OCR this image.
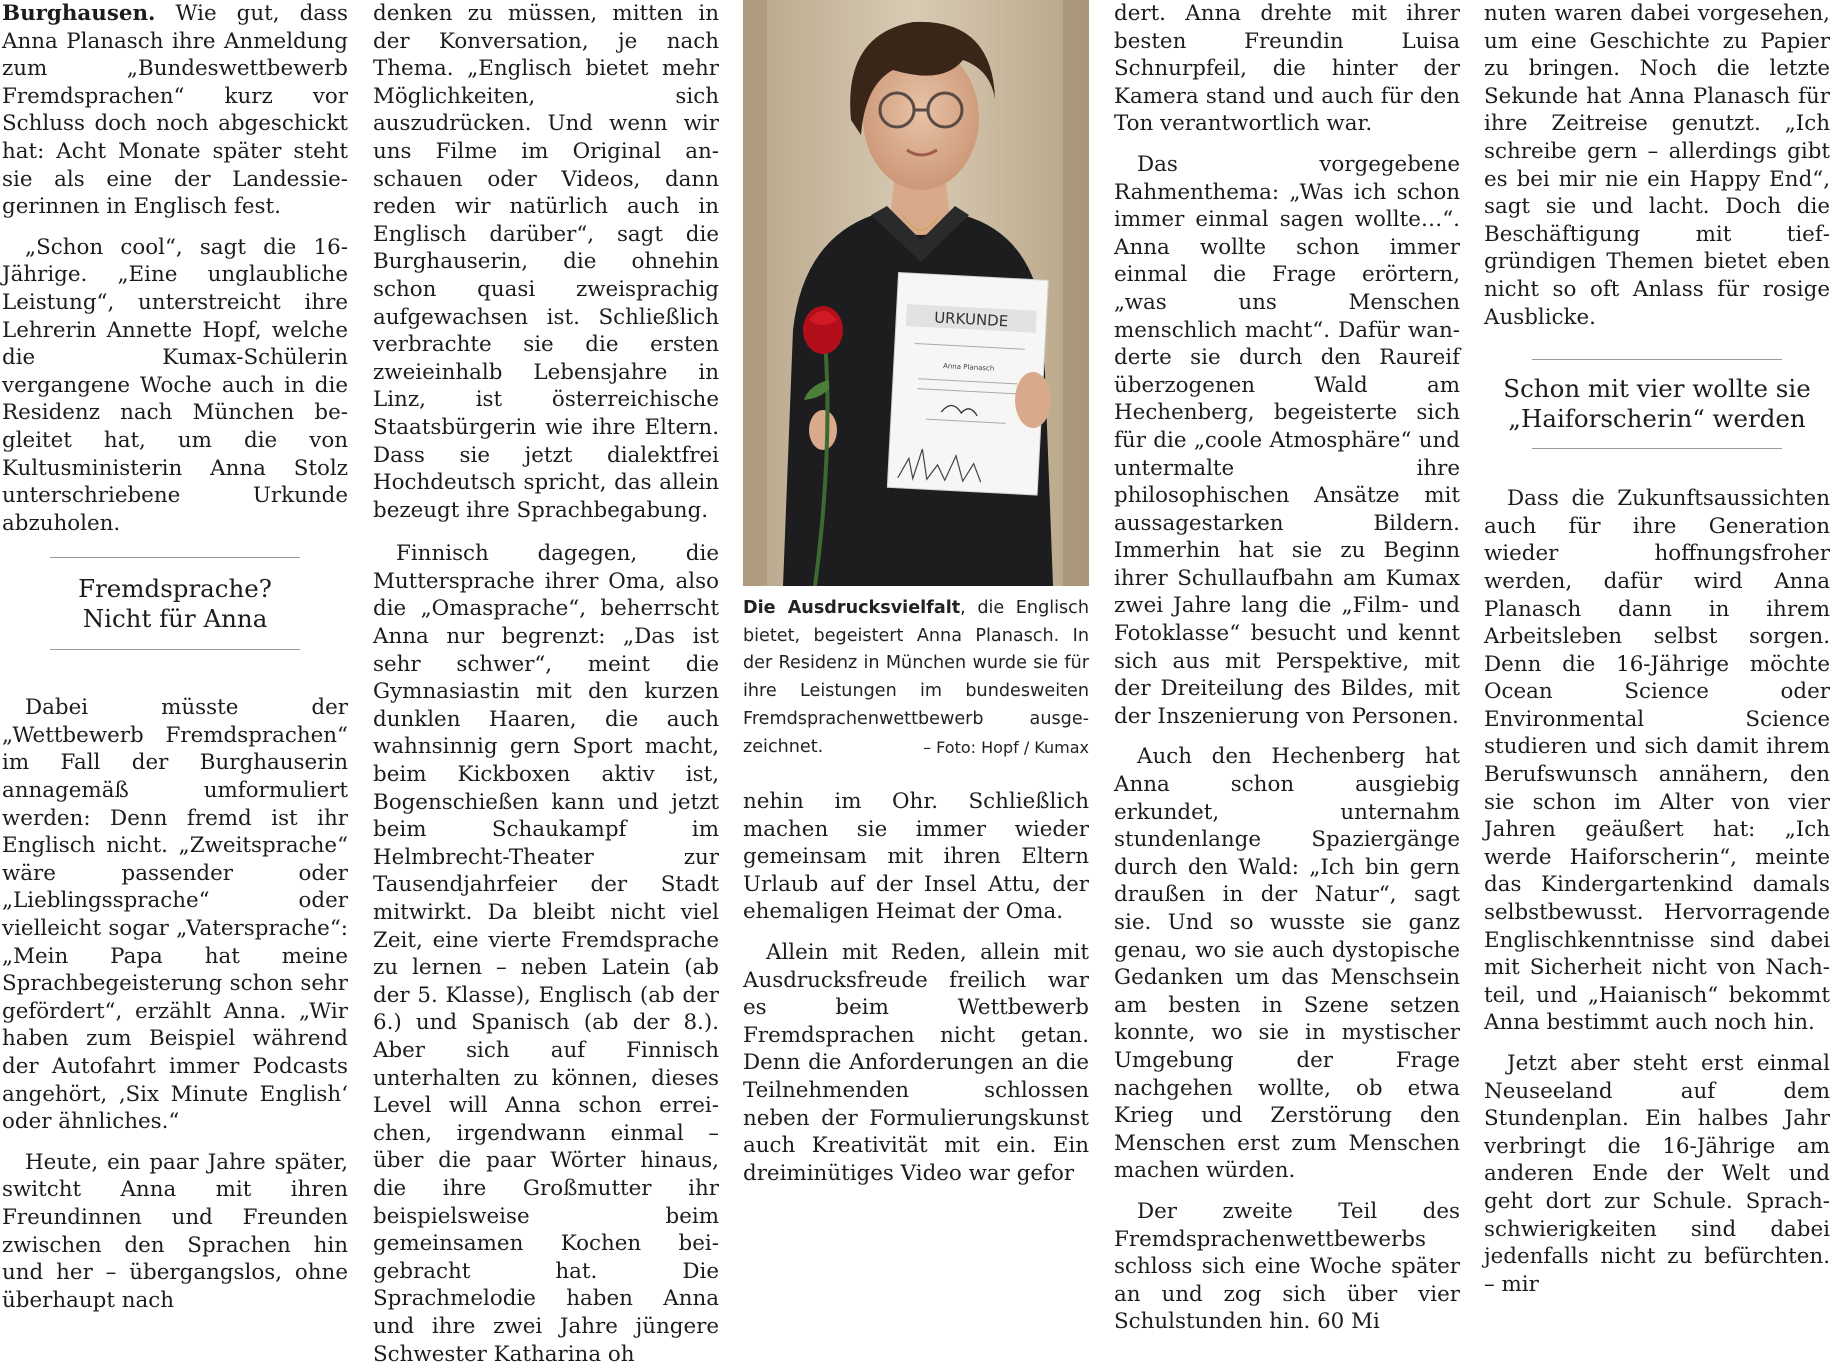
Burghausen. Wie gut, dass Anna Planasch ihre Anmeldung zum „Bundeswettbewerb Fremdsprachen“ kurz vor Schluss doch noch abgeschickt hat: Acht Monate später steht sie als eine der Landessiegerinnen in Englisch fest.

„Schon cool“, sagt die 16-Jährige. „Eine unglaubliche Leistung“, unterstreicht ihre Lehrerin Annette Hopf, welche die Kumax-Schülerin vergangene Woche auch in die Residenz nach München begleitet hat, um die von Kultusministerin Anna Stolz unterschriebene Urkunde abzuholen.

Fremdsprache? Nicht für Anna

Dabei müsste der „Wettbewerb Fremdsprachen“ im Fall der Burghauserin annagemäß umformuliert werden: Denn fremd ist ihr Englisch nicht. „Zweitsprache“ wäre passender oder „Lieblingssprache“ oder vielleicht sogar „Vatersprache“: „Mein Papa hat meine Sprachbegeisterung schon sehr gefördert“, erzählt Anna. „Wir haben zum Beispiel während der Autofahrt immer Podcasts angehört, ‚Six Minute English‘ oder ähnliches.“

Heute, ein paar Jahre später, switcht Anna mit ihren Freundinnen und Freunden zwischen den Sprachen hin und her – übergangslos, ohne überhaupt nach

denken zu müssen, mitten in der Konversation, je nach Thema. „Englisch bietet mehr Möglichkeiten, sich auszudrücken. Und wenn wir uns Filme im Original anschauen oder Videos, dann reden wir natürlich auch in Englisch darüber“, sagt die Burghauserin, die ohnehin schon quasi zweisprachig aufgewachsen ist. Schließlich verbrachte sie die ersten zweieinhalb Lebensjahre in Linz, ist österreichische Staatsbürgerin wie ihre Eltern. Dass sie jetzt dialektfrei Hochdeutsch spricht, das allein bezeugt ihre Sprachbegabung.

Finnisch dagegen, die Muttersprache ihrer Oma, also die „Omasprache“, beherrscht Anna nur begrenzt: „Das ist sehr schwer“, meint die Gymnasiastin mit den kurzen dunklen Haaren, die auch wahnsinnig gern Sport macht, beim Kickboxen aktiv ist, Bogenschießen kann und jetzt beim Schaukampf im Helmbrecht-Theater zur Tausendjahrfeier der Stadt mitwirkt. Da bleibt nicht viel Zeit, eine vierte Fremdsprache zu lernen – neben Latein (ab der 5. Klasse), Englisch (ab der 6.) und Spanisch (ab der 8.). Aber sich auf Finnisch unterhalten zu können, dieses Level will Anna schon erreichen, irgendwann einmal – über die paar Wörter hinaus, die ihre Großmutter ihr beispielsweise beim gemeinsamen Kochen beigebracht hat. Die Sprachmelodie haben Anna und ihre zwei Jahre jüngere Schwester Katharina oh

URKUNDE
Anna Planasch
Die Ausdrucksvielfalt, die Englisch bietet, begeistert Anna Planasch. In der Residenz in München wurde sie für ihre Leistungen im bundesweiten Fremdsprachenwettbewerb ausgezeichnet.	– Foto: Hopf / Kumax

nehin im Ohr. Schließlich machen sie immer wieder gemeinsam mit ihren Eltern Urlaub auf der Insel Attu, der ehemaligen Heimat der Oma.

Allein mit Reden, allein mit Ausdrucksfreude freilich war es beim Wettbewerb Fremdsprachen nicht getan. Denn die Anforderungen an die Teilnehmenden schlossen neben der Formulierungskunst auch Kreativität mit ein. Ein dreiminütiges Video war gefor

dert. Anna drehte mit ihrer besten Freundin Luisa Schnurpfeil, die hinter der Kamera stand und auch für den Ton verantwortlich war.

Das vorgegebene Rahmenthema: „Was ich schon immer einmal sagen wollte…“. Anna wollte schon immer einmal die Frage erörtern, „was uns Menschen menschlich macht“. Dafür wanderte sie durch den Raureif überzogenen Wald am Hechenberg, begeisterte sich für die „coole Atmosphäre“ und untermalte ihre philosophischen Ansätze mit aussagestarken Bildern. Immerhin hat sie zu Beginn ihrer Schullaufbahn am Kumax zwei Jahre lang die „Film- und Fotoklasse“ besucht und kennt sich aus mit Perspektive, mit der Dreiteilung des Bildes, mit der Inszenierung von Personen.

Auch den Hechenberg hat Anna schon ausgiebig erkundet, unternahm stundenlange Spaziergänge durch den Wald: „Ich bin gern draußen in der Natur“, sagt sie. Und so wusste sie ganz genau, wo sie auch dystopische Gedanken um das Menschsein am besten in Szene setzen konnte, wo sie in mystischer Umgebung der Frage nachgehen wollte, ob etwa Krieg und Zerstörung den Menschen erst zum Menschen machen würden.

Der zweite Teil des Fremdsprachenwettbewerbs schloss sich eine Woche später an und zog sich über vier Schulstunden hin. 60 Mi

nuten waren dabei vorgesehen, um eine Geschichte zu Papier zu bringen. Noch die letzte Sekunde hat Anna Planasch für ihre Zeitreise genutzt. „Ich schreibe gern – allerdings gibt es bei mir nie ein Happy End“, sagt sie und lacht. Doch die Beschäftigung mit tiefgründigen Themen bietet eben nicht so oft Anlass für rosige Ausblicke.

Schon mit vier wollte sie „Haiforscherin“ werden

Dass die Zukunftsaussichten auch für ihre Generation wieder hoffnungsfroher werden, dafür wird Anna Planasch dann in ihrem Arbeitsleben selbst sorgen. Denn die 16-Jährige möchte Ocean Science oder Environmental Science studieren und sich damit ihrem Berufswunsch annähern, den sie schon im Alter von vier Jahren geäußert hat: „Ich werde Haiforscherin“, meinte das Kindergartenkind damals selbstbewusst. Hervorragende Englischkenntnisse sind dabei mit Sicherheit nicht von Nachteil, und „Haianisch“ bekommt Anna bestimmt auch noch hin.

Jetzt aber steht erst einmal Neuseeland auf dem Stundenplan. Ein halbes Jahr verbringt die 16-Jährige am anderen Ende der Welt und geht dort zur Schule. Sprachschwierigkeiten sind dabei jedenfalls nicht zu befürchten. – mir
